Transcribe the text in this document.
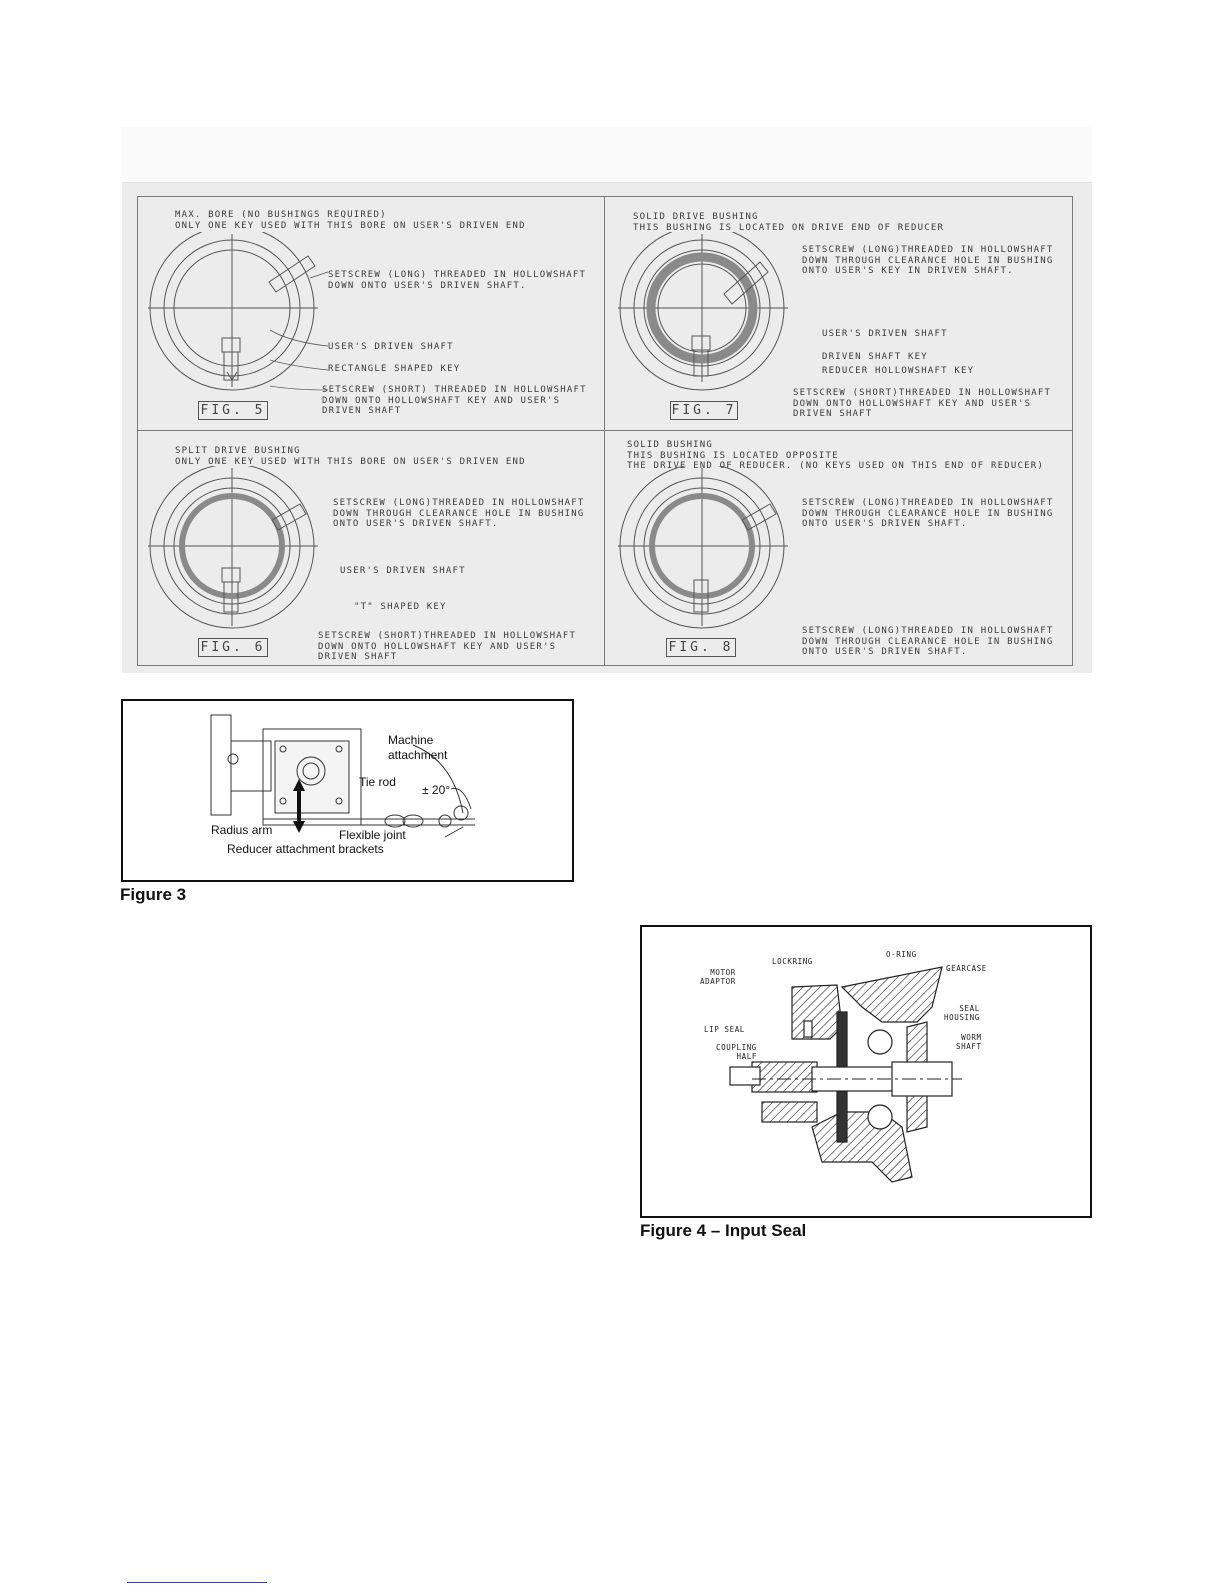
MAX. BORE (NO BUSHINGS REQUIRED)
ONLY ONE KEY USED WITH THIS BORE ON USER'S DRIVEN END
SETSCREW (LONG) THREADED IN HOLLOWSHAFT
DOWN ONTO USER'S DRIVEN SHAFT.
USER'S DRIVEN SHAFT
RECTANGLE SHAPED KEY
SETSCREW (SHORT) THREADED IN HOLLOWSHAFT
DOWN ONTO HOLLOWSHAFT KEY AND USER'S
DRIVEN SHAFT
FIG. 5
SOLID DRIVE BUSHING
THIS BUSHING IS LOCATED ON DRIVE END OF REDUCER
SETSCREW (LONG)THREADED IN HOLLOWSHAFT
DOWN THROUGH CLEARANCE HOLE IN BUSHING
ONTO USER'S KEY IN DRIVEN SHAFT.
USER'S DRIVEN SHAFT
DRIVEN SHAFT KEY
REDUCER HOLLOWSHAFT KEY
SETSCREW (SHORT)THREADED IN HOLLOWSHAFT
DOWN ONTO HOLLOWSHAFT KEY AND USER'S
DRIVEN SHAFT
FIG. 7
SPLIT DRIVE BUSHING
ONLY ONE KEY USED WITH THIS BORE ON USER'S DRIVEN END
SETSCREW (LONG)THREADED IN HOLLOWSHAFT
DOWN THROUGH CLEARANCE HOLE IN BUSHING
ONTO USER'S DRIVEN SHAFT.
USER'S DRIVEN SHAFT
"T" SHAPED KEY
SETSCREW (SHORT)THREADED IN HOLLOWSHAFT
DOWN ONTO HOLLOWSHAFT KEY AND USER'S
DRIVEN SHAFT
FIG. 6
SOLID BUSHING
THIS BUSHING IS LOCATED OPPOSITE
THE DRIVE END OF REDUCER. (NO KEYS USED ON THIS END OF REDUCER)
SETSCREW (LONG)THREADED IN HOLLOWSHAFT
DOWN THROUGH CLEARANCE HOLE IN BUSHING
ONTO USER'S DRIVEN SHAFT.
SETSCREW (LONG)THREADED IN HOLLOWSHAFT
DOWN THROUGH CLEARANCE HOLE IN BUSHING
ONTO USER'S DRIVEN SHAFT.
FIG. 8
Machine
attachment
Tie rod
± 20°
Radius arm	Flexible joint
Reducer attachment brackets
Figure 3
LOCKRING
O-RING
GEARCASE
MOTOR
ADAPTOR
SEAL
HOUSING
LIP SEAL
WORM
SHAFT
COUPLING
HALF
Figure 4 – Input Seal
